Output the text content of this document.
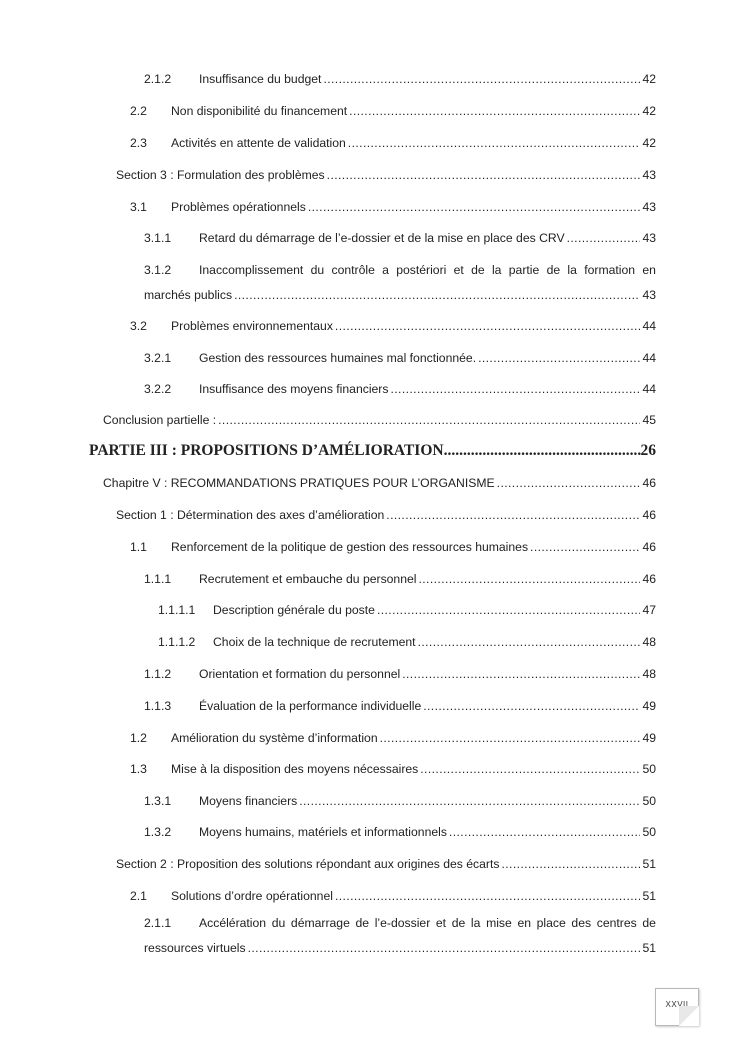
2.1.2	Insuffisance du budget .....	42
2.2	Non disponibilité du financement .....	42
2.3	Activités en attente de validation .....	42
Section 3 : Formulation des problèmes .....	43
3.1	Problèmes opérationnels .....	43
3.1.1	Retard du démarrage de l’e-dossier et de la mise en place des CRV .....	43
3.1.2	Inaccomplissement du contrôle a postériori et de la partie de la formation en
marchés publics .....	43
3.2	Problèmes environnementaux .....	44
3.2.1	Gestion des ressources humaines mal fonctionnée. .....	44
3.2.2	Insuffisance des moyens financiers .....	44
Conclusion partielle : .....	45
PARTIE III : PROPOSITIONS D’AMÉLIORATION .....	26
Chapitre V : RECOMMANDATIONS PRATIQUES POUR L’ORGANISME .....	46
Section 1 : Détermination des axes d’amélioration .....	46
1.1	Renforcement de la politique de gestion des ressources humaines .....	46
1.1.1	Recrutement et embauche du personnel .....	46
1.1.1.1	Description générale du poste .....	47
1.1.1.2	Choix de la technique de recrutement .....	48
1.1.2	Orientation et formation du personnel .....	48
1.1.3	Évaluation de la performance individuelle .....	49
1.2	Amélioration du système d’information .....	49
1.3	Mise à la disposition des moyens nécessaires .....	50
1.3.1	Moyens financiers .....	50
1.3.2	Moyens humains, matériels et informationnels .....	50
Section 2 : Proposition des solutions répondant aux origines des écarts .....	51
2.1	Solutions d’ordre opérationnel .....	51
2.1.1	Accélération du démarrage de l’e-dossier et de la mise en place des centres de
ressources virtuels .....	51
XXVII
